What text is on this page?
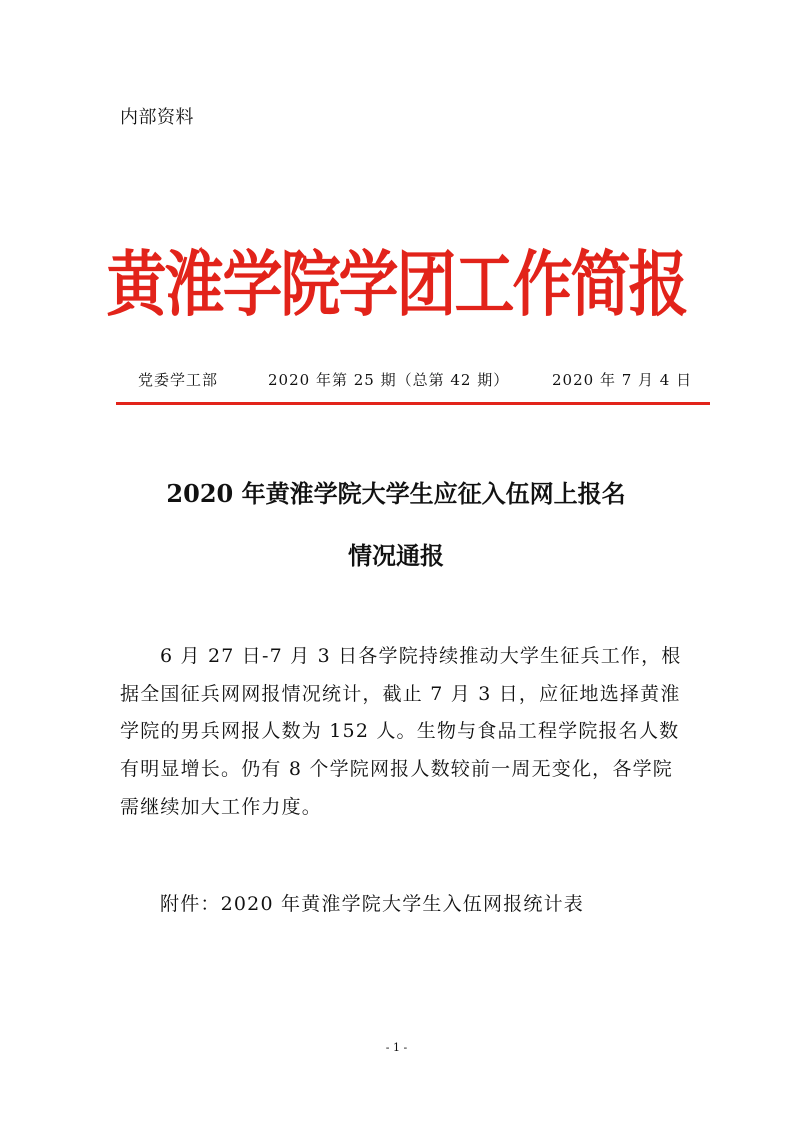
内部资料
黄淮学院学团工作简报
党委学工部	2020 年第 25 期（总第 42 期）	2020 年 7 月 4 日
2020 年黄淮学院大学生应征入伍网上报名
情况通报
6 月 27 日-7 月 3 日各学院持续推动大学生征兵工作，根
据全国征兵网网报情况统计，截止 7 月 3 日，应征地选择黄淮
学院的男兵网报人数为 152 人。生物与食品工程学院报名人数
有明显增长。仍有 8 个学院网报人数较前一周无变化，各学院
需继续加大工作力度。
附件：2020 年黄淮学院大学生入伍网报统计表
- 1 -
